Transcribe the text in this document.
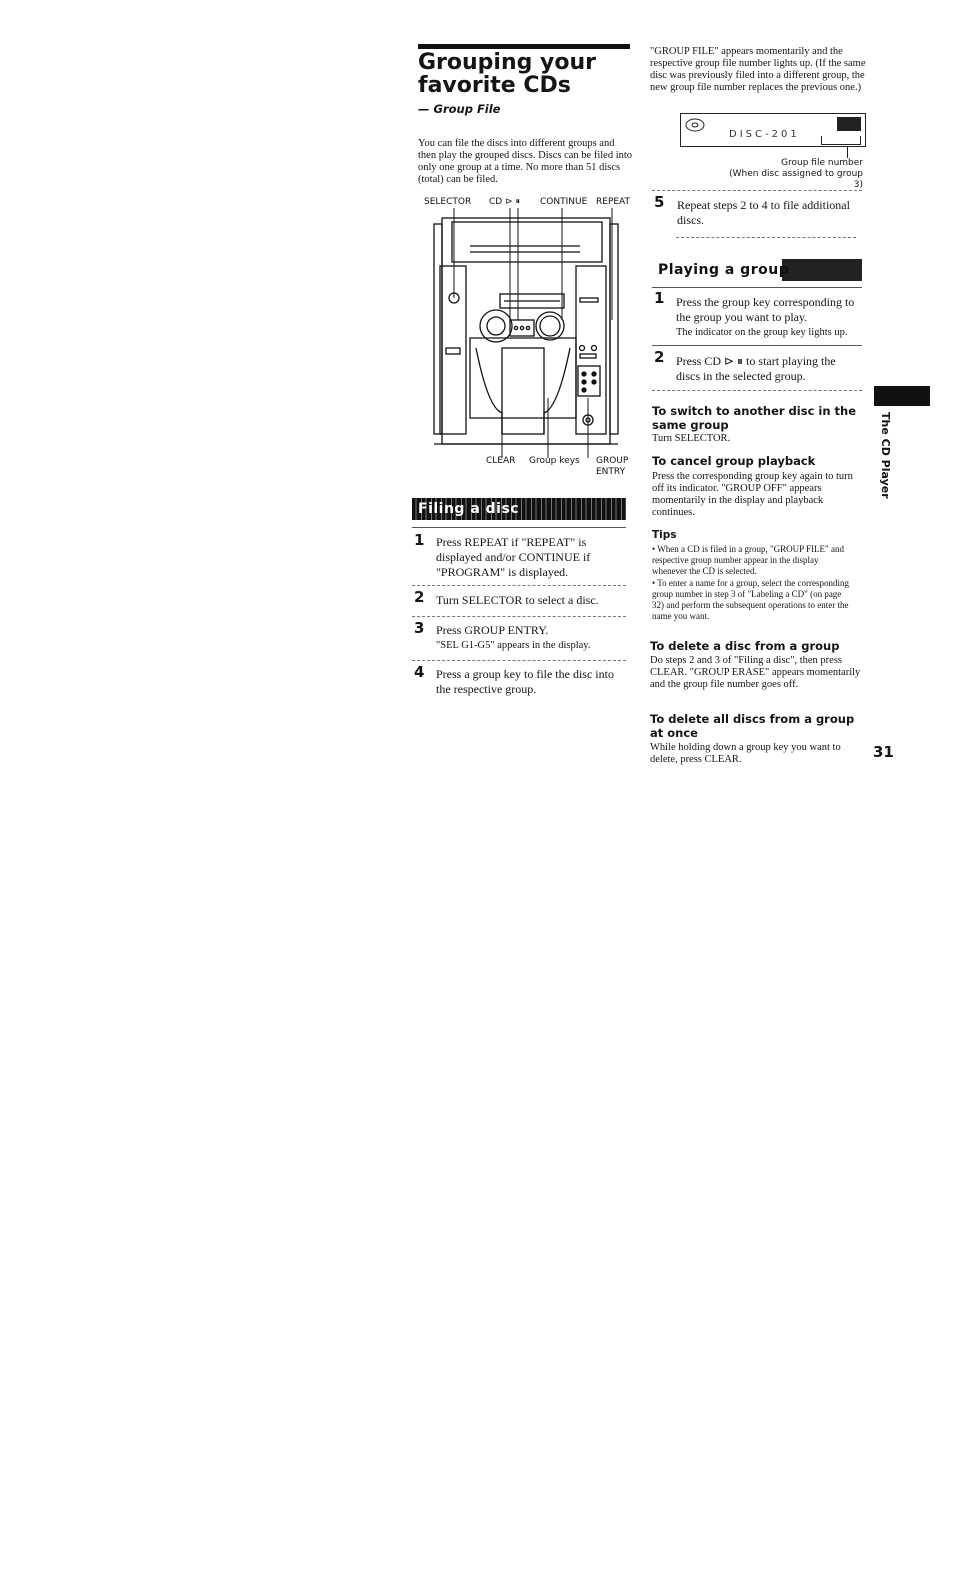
Grouping your favorite CDs
— Group File
You can file the discs into different groups and then play the grouped discs. Discs can be filed into only one group at a time. No more than 51 discs (total) can be filed.
SELECTOR CD ⊳ ⏸ CONTINUE REPEAT
CLEAR Group keys GROUP
ENTRY
Filing a disc
1 Press REPEAT if "REPEAT" is displayed and/or CONTINUE if "PROGRAM" is displayed.
2 Turn SELECTOR to select a disc.
3 Press GROUP ENTRY.
"SEL G1-G5" appears in the display.
4 Press a group key to file the disc into the respective group.
"GROUP FILE" appears momentarily and the respective group file number lights up. (If the same disc was previously filed into a different group, the new group file number replaces the previous one.)
DISC-201
Group file number
(When disc assigned to group 3)
5 Repeat steps 2 to 4 to file additional discs.
Playing a group
1 Press the group key corresponding to the group you want to play.
The indicator on the group key lights up.
2 Press CD ⊳ ⏸ to start playing the discs in the selected group.
To switch to another disc in the same group
Turn SELECTOR.
To cancel group playback
Press the corresponding group key again to turn off its indicator. "GROUP OFF" appears momentarily in the display and playback continues.
Tips
• When a CD is filed in a group, "GROUP FILE" and respective group number appear in the display whenever the CD is selected.
• To enter a name for a group, select the corresponding group number in step 3 of "Labeling a CD" (on page 32) and perform the subsequent operations to enter the name you want.
To delete a disc from a group
Do steps 2 and 3 of "Filing a disc", then press CLEAR. "GROUP ERASE" appears momentarily and the group file number goes off.
To delete all discs from a group at once
While holding down a group key you want to delete, press CLEAR.
The CD Player
31
